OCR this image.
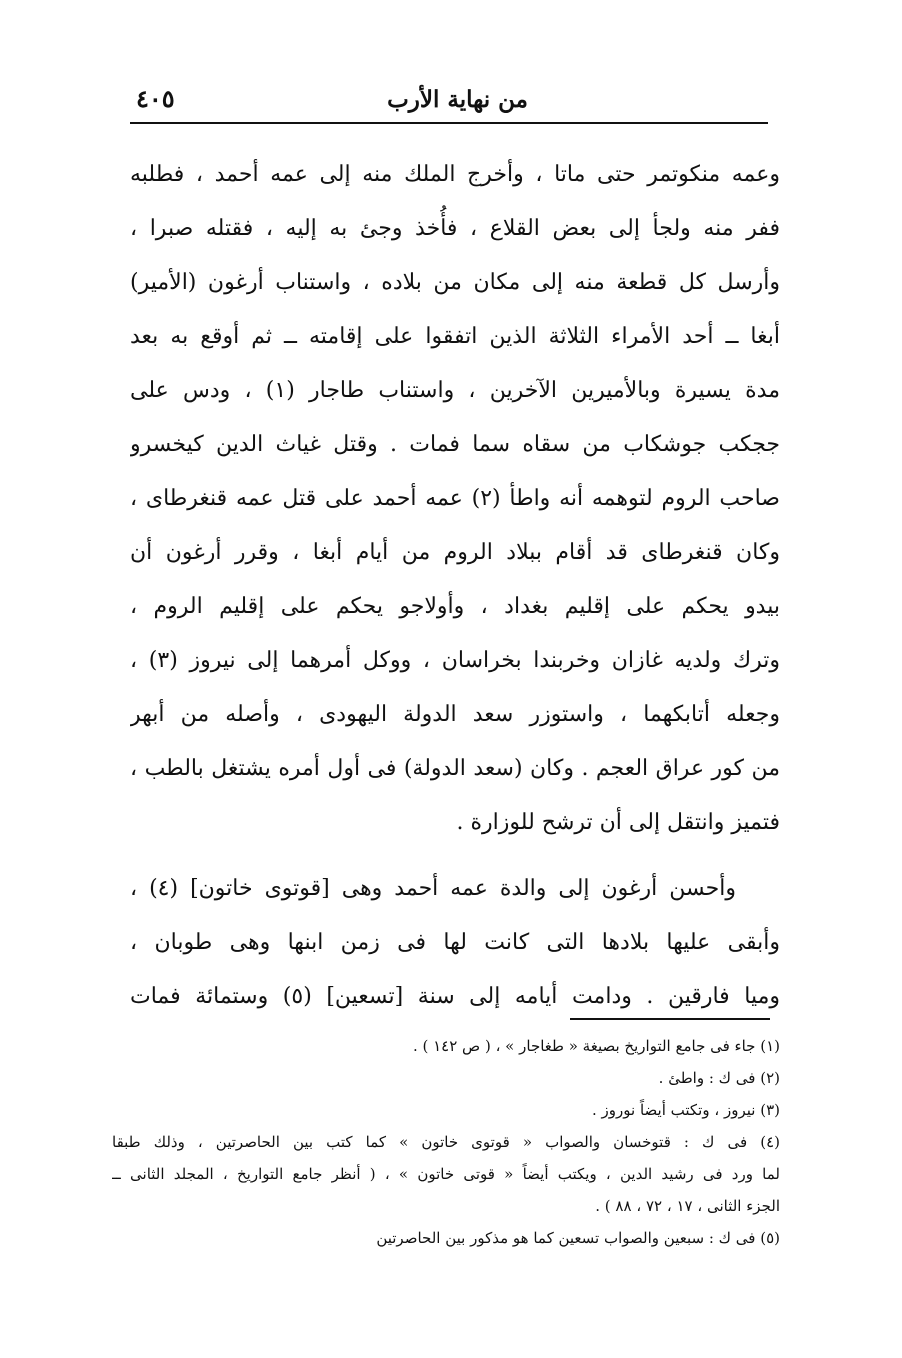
من نهاية الأرب
٤٠٥
وعمه منكوتمر حتى ماتا ، وأخرج الملك منه إلى عمه أحمد ، فطلبه
ففر منه ولجأ إلى بعض القلاع ، فأُخذ وجئ به إليه ، فقتله صبرا ،
وأرسل كل قطعة منه إلى مكان من بلاده ، واستناب أرغون (الأمير)
أبغا ــ أحد الأمراء الثلاثة الذين اتفقوا على إقامته ــ ثم أوقع به بعد
مدة يسيرة وبالأميرين الآخرين ، واستناب طاجار (١) ، ودس على
ججكب جوشكاب من سقاه سما فمات . وقتل غياث الدين كيخسرو
صاحب الروم لتوهمه أنه واطأ (٢) عمه أحمد على قتل عمه قنغرطاى ،
وكان قنغرطاى قد أقام ببلاد الروم من أيام أبغا ، وقرر أرغون أن
بيدو يحكم على إقليم بغداد ، وأولاجو يحكم على إقليم الروم ،
وترك ولديه غازان وخربندا بخراسان ، ووكل أمرهما إلى نيروز (٣) ،
وجعله أتابكهما ، واستوزر سعد الدولة اليهودى ، وأصله من أبهر
من كور عراق العجم . وكان (سعد الدولة) فى أول أمره يشتغل بالطب ،
فتميز وانتقل إلى أن ترشح للوزارة .
وأحسن أرغون إلى والدة عمه أحمد وهى [قوتوى خاتون] (٤) ،
وأبقى عليها بلادها التى كانت لها فى زمن ابنها وهى طوبان ،
وميا فارقين . ودامت أيامه إلى سنة [تسعين] (٥) وستمائة فمات
(١) جاء فى جامع التواريخ بصيغة « طغاجار » ، ( ص ١٤٢ ) .
(٢) فى ك : واطئ .
(٣) نيروز ، وتكتب أيضاً نوروز .
(٤) فى ك : قتوخسان والصواب « قوتوى خاتون » كما كتب بين الحاصرتين ، وذلك طبقا
لما ورد فى رشيد الدين ، ويكتب أيضاً « قوتى خاتون » ، ( أنظر جامع التواريخ ، المجلد الثانى ــ
الجزء الثانى ، ١٧ ، ٧٢ ، ٨٨ ) .
(٥) فى ك : سبعين والصواب تسعين كما هو مذكور بين الحاصرتين
